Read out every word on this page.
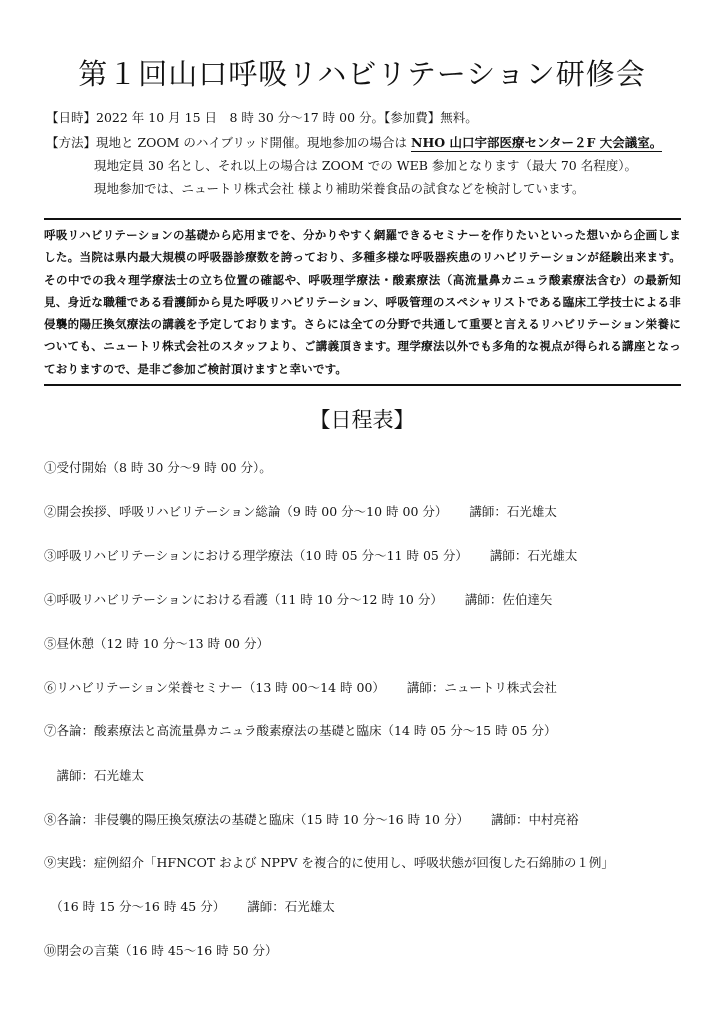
第１回山口呼吸リハビリテーション研修会
【日時】2022 年 10 月 15 日　8 時 30 分～17 時 00 分。【参加費】無料。
【方法】現地と ZOOM のハイブリッド開催。現地参加の場合は NHO 山口宇部医療センター２F 大会議室。
現地定員 30 名とし、それ以上の場合は ZOOM での WEB 参加となります（最大 70 名程度）。
現地参加では、ニュートリ株式会社 様より補助栄養食品の試食などを検討しています。
呼吸リハビリテーションの基礎から応用までを、分かりやすく網羅できるセミナーを作りたいといった想いから企画しました。当院は県内最大規模の呼吸器診療数を誇っており、多種多様な呼吸器疾患のリハビリテーションが経験出来ます。その中での我々理学療法士の立ち位置の確認や、呼吸理学療法・酸素療法（高流量鼻カニュラ酸素療法含む）の最新知見、身近な職種である看護師から見た呼吸リハビリテーション、呼吸管理のスペシャリストである臨床工学技士による非侵襲的陽圧換気療法の講義を予定しております。さらには全ての分野で共通して重要と言えるリハビリテーション栄養についても、ニュートリ株式会社のスタッフより、ご講義頂きます。理学療法以外でも多角的な視点が得られる講座となっておりますので、是非ご参加ご検討頂けますと幸いです。
【日程表】
①受付開始（8 時 30 分～9 時 00 分）。
②開会挨拶、呼吸リハビリテーション総論（9 時 00 分～10 時 00 分） 講師：石光雄太
③呼吸リハビリテーションにおける理学療法（10 時 05 分～11 時 05 分） 講師：石光雄太
④呼吸リハビリテーションにおける看護（11 時 10 分～12 時 10 分） 講師：佐伯達矢
⑤昼休憩（12 時 10 分～13 時 00 分）
⑥リハビリテーション栄養セミナー（13 時 00～14 時 00） 講師：ニュートリ株式会社
⑦各論：酸素療法と高流量鼻カニュラ酸素療法の基礎と臨床（14 時 05 分～15 時 05 分）
　講師：石光雄太
⑧各論：非侵襲的陽圧換気療法の基礎と臨床（15 時 10 分～16 時 10 分） 講師：中村亮裕
⑨実践：症例紹介「HFNCOT および NPPV を複合的に使用し、呼吸状態が回復した石綿肺の１例」
　（16 時 15 分～16 時 45 分） 講師：石光雄太
⑩閉会の言葉（16 時 45～16 時 50 分）
